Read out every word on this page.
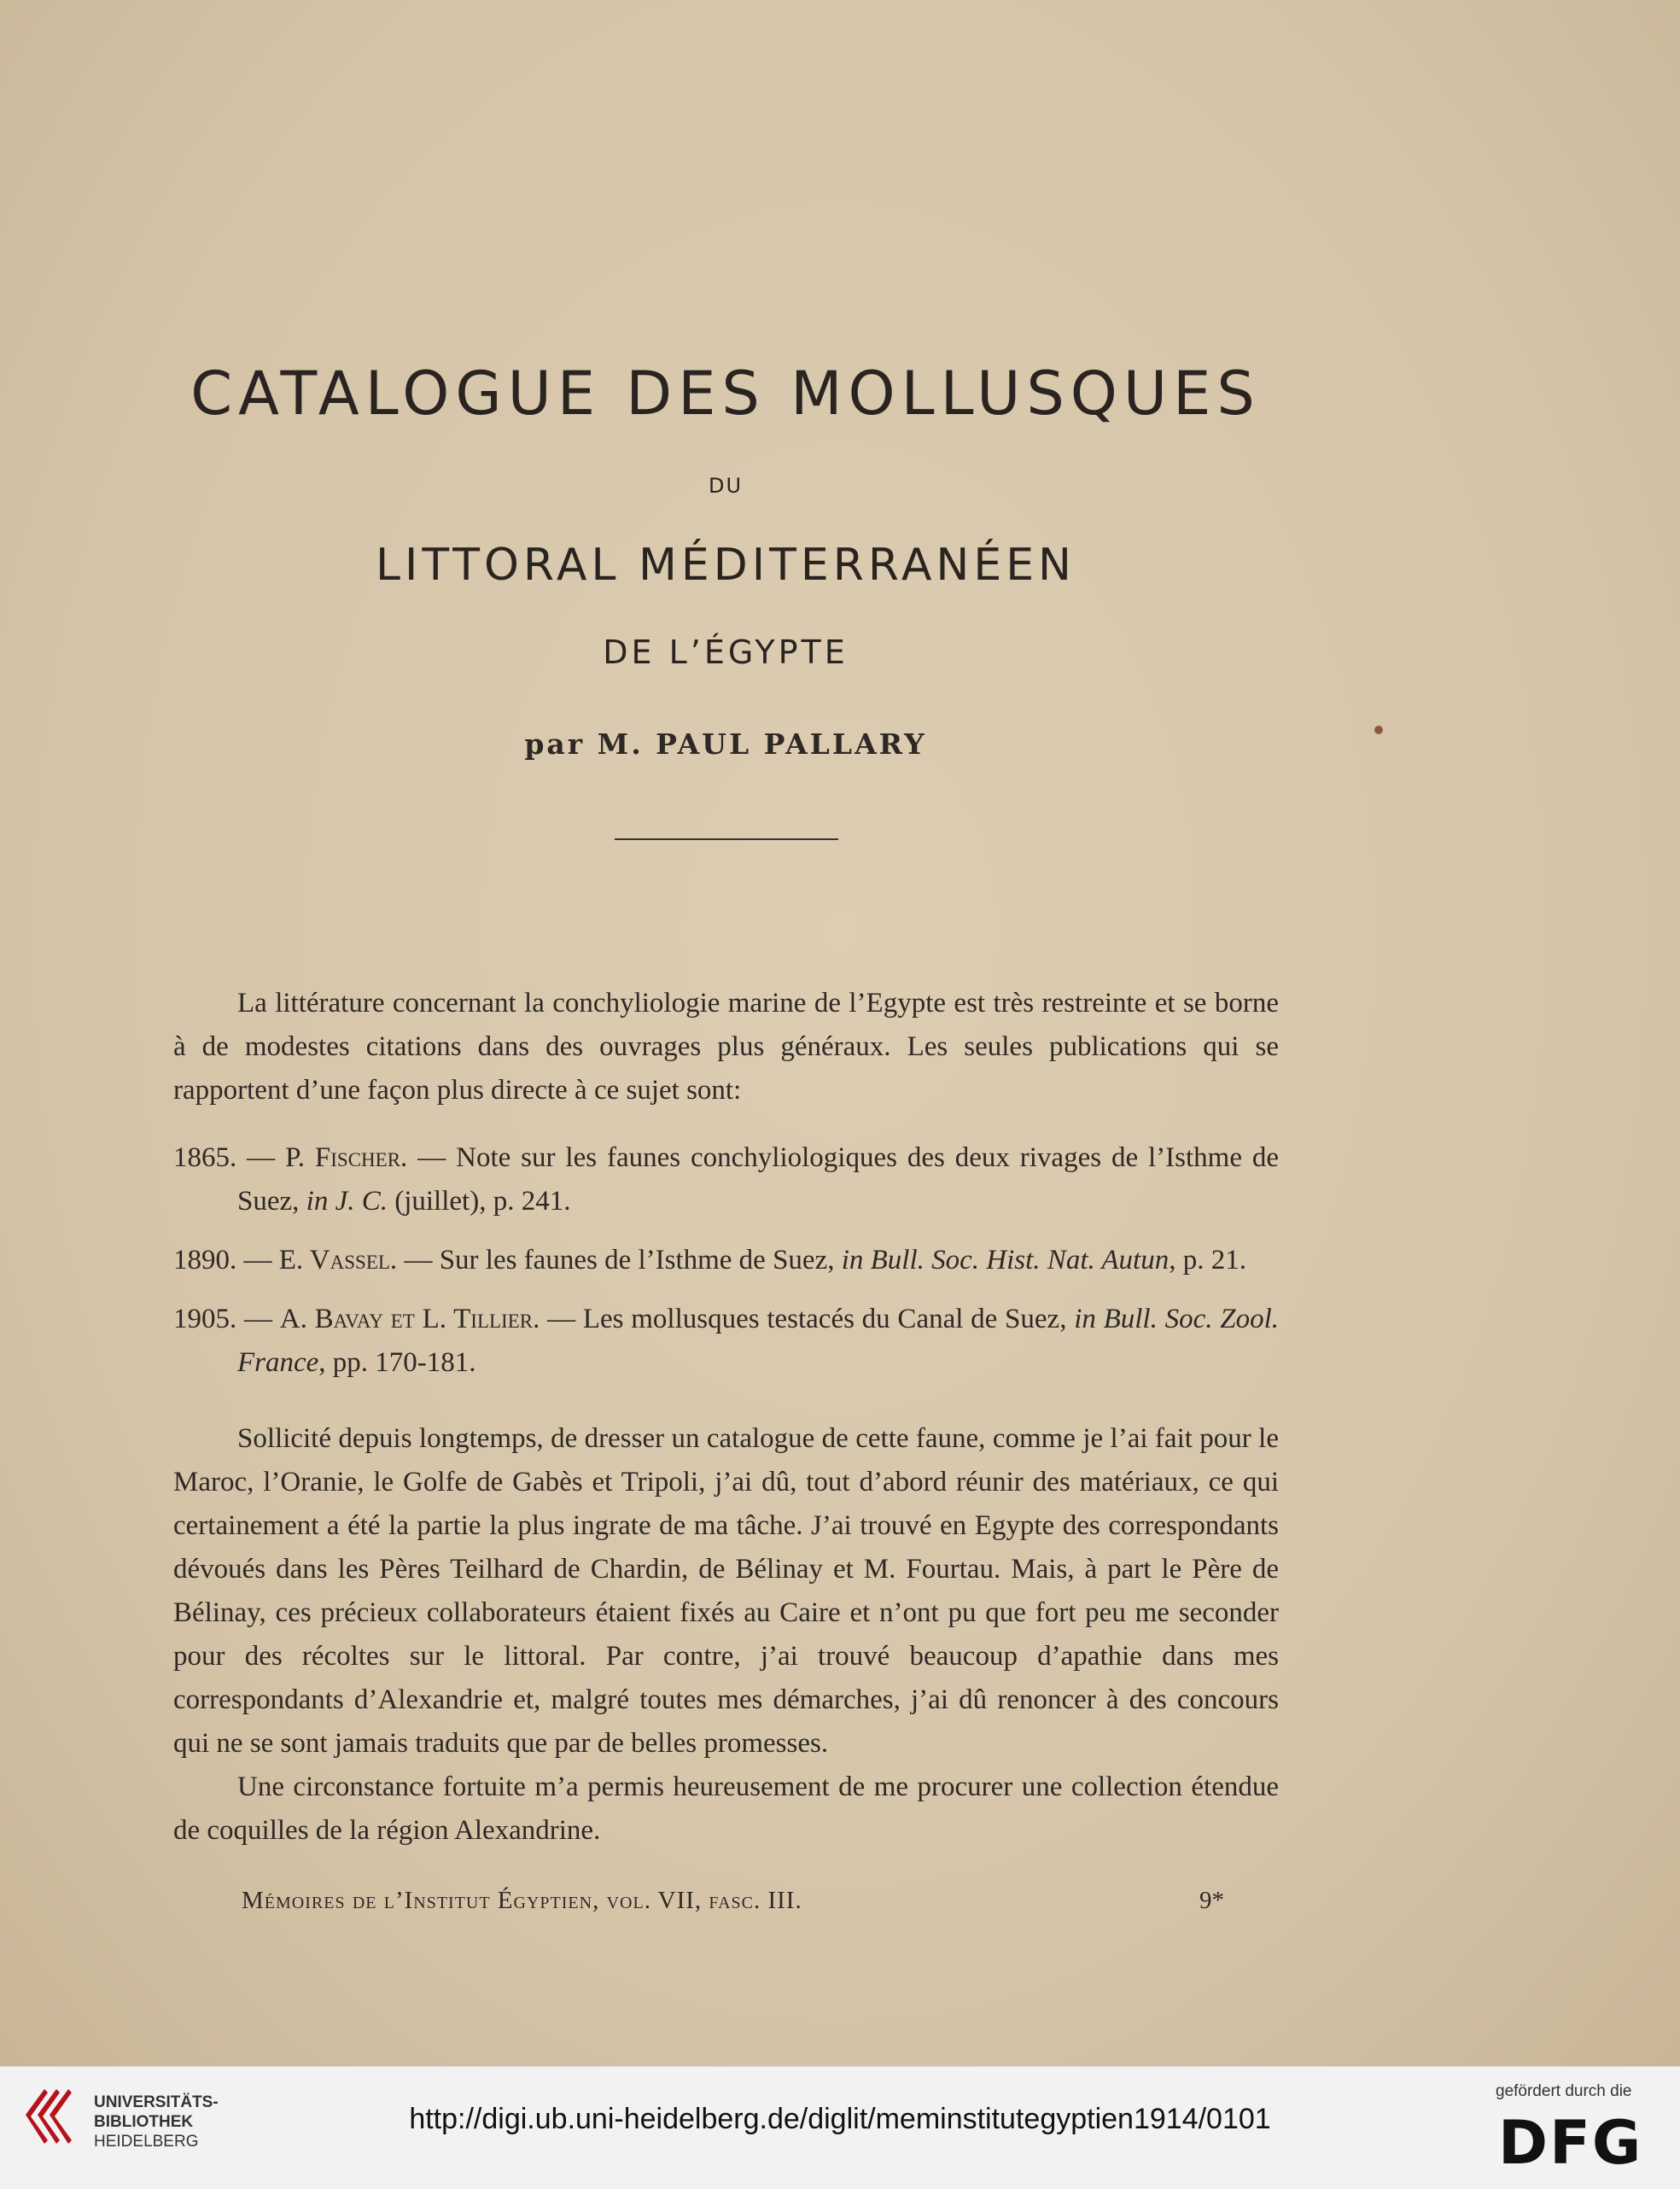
CATALOGUE DES MOLLUSQUES
DU
LITTORAL MÉDITERRANÉEN
DE L’ÉGYPTE
par M. PAUL PALLARY

La littérature concernant la conchyliologie marine de l’Egypte est très restreinte et se borne à de modestes citations dans des ouvrages plus généraux. Les seules publications qui se rapportent d’une façon plus directe à ce sujet sont:

1865. — P. Fischer. — Note sur les faunes conchyliologiques des deux rivages de l’Isthme de Suez, in J. C. (juillet), p. 241.

1890. — E. Vassel. — Sur les faunes de l’Isthme de Suez, in Bull. Soc. Hist. Nat. Autun, p. 21.

1905. — A. Bavay et L. Tillier. — Les mollusques testacés du Canal de Suez, in Bull. Soc. Zool. France, pp. 170-181.

Sollicité depuis longtemps, de dresser un catalogue de cette faune, comme je l’ai fait pour le Maroc, l’Oranie, le Golfe de Gabès et Tripoli, j’ai dû, tout d’abord réunir des matériaux, ce qui certainement a été la partie la plus ingrate de ma tâche. J’ai trouvé en Egypte des correspondants dévoués dans les Pères Teilhard de Chardin, de Bélinay et M. Fourtau. Mais, à part le Père de Bélinay, ces précieux collaborateurs étaient fixés au Caire et n’ont pu que fort peu me seconder pour des récoltes sur le littoral. Par contre, j’ai trouvé beaucoup d’apathie dans mes correspondants d’Alexandrie et, malgré toutes mes démarches, j’ai dû renoncer à des concours qui ne se sont jamais traduits que par de belles promesses.

Une circonstance fortuite m’a permis heureusement de me procurer une collection étendue de coquilles de la région Alexandrine.

Mémoires de l’Institut Égyptien, vol. VII, fasc. III.	9*
UNIVERSITÄTS-
BIBLIOTHEK
HEIDELBERG
http://digi.ub.uni-heidelberg.de/diglit/meminstitutegyptien1914/0101
gefördert durch die
DFG
